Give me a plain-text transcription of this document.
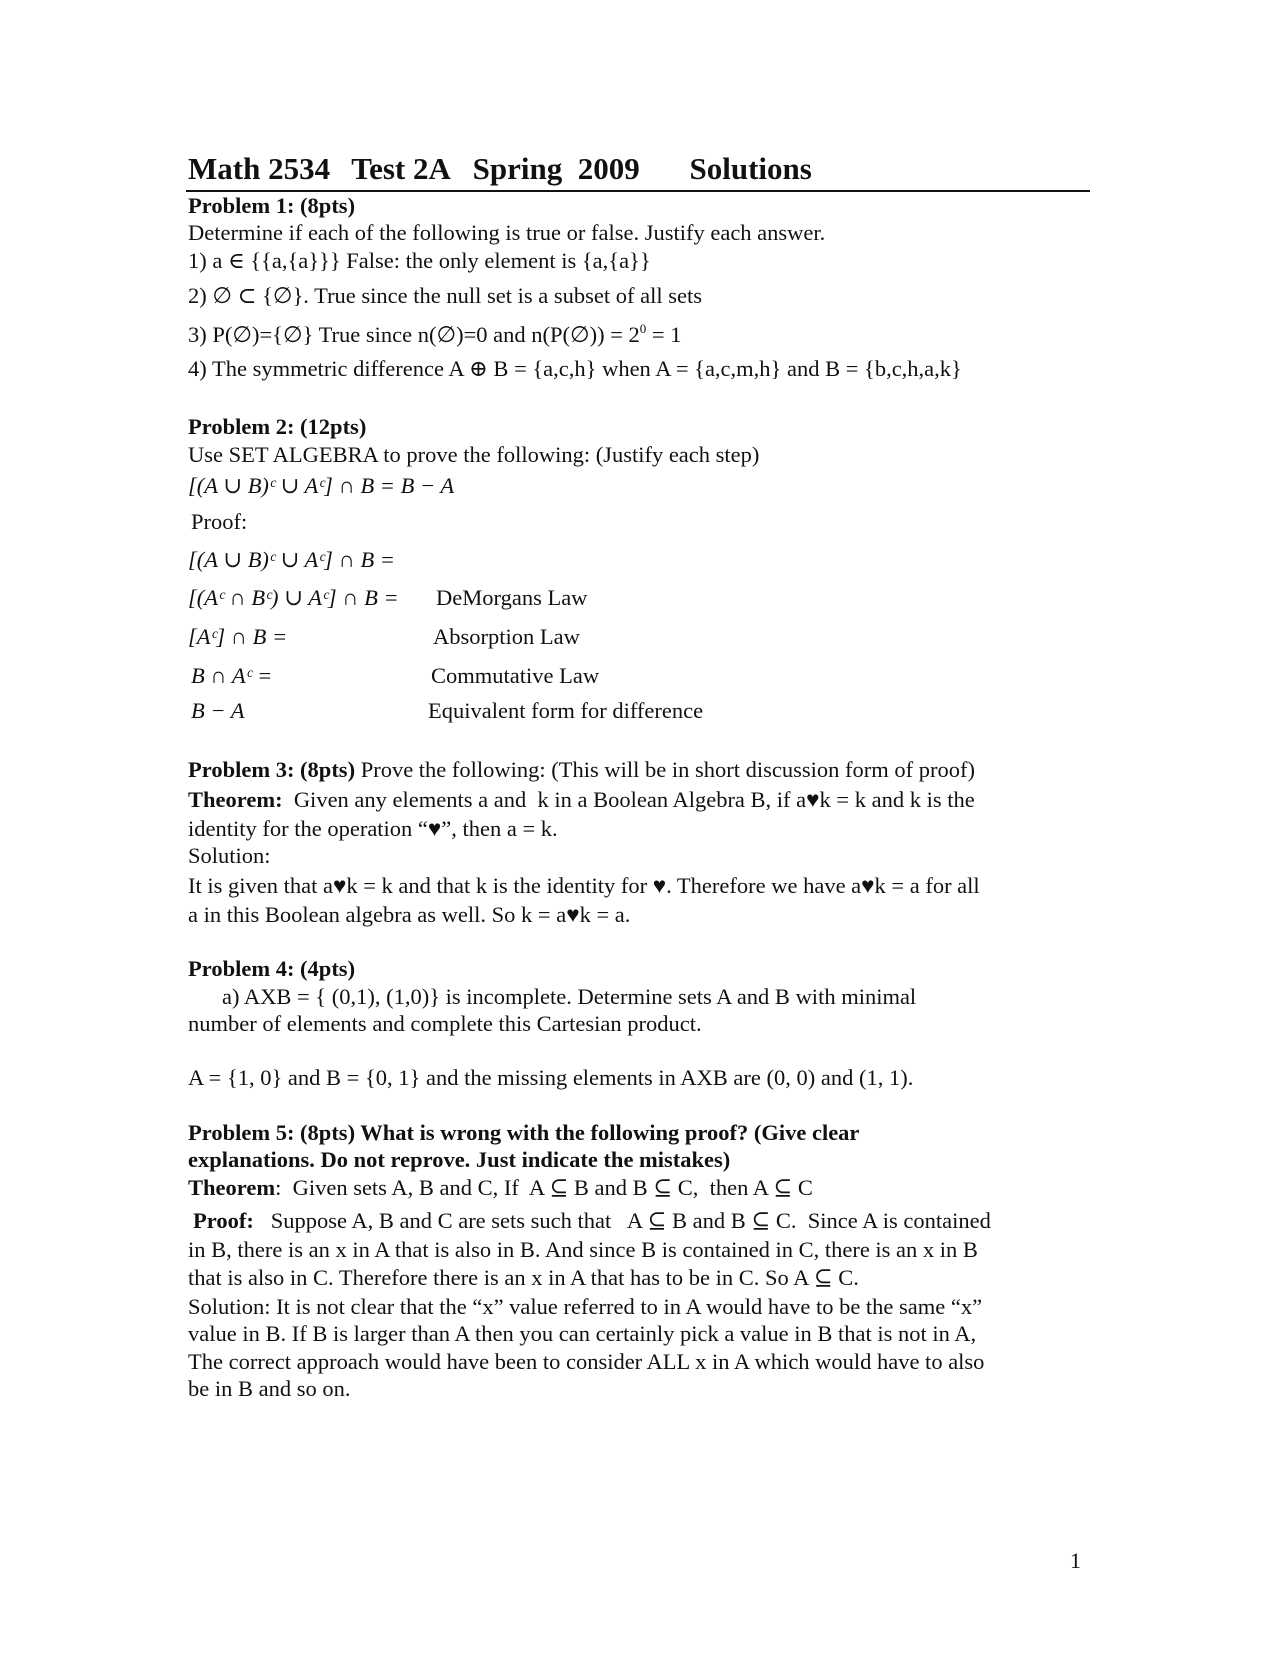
Math 2534 Test 2A Spring  2009 Solutions
Problem 1: (8pts)
Determine if each of the following is true or false. Justify each answer.
1) a ∈ {{a,{a}}} False: the only element is {a,{a}}
2) ∅ ⊂ {∅}. True since the null set is a subset of all sets
3) P(∅)={∅} True since n(∅)=0 and n(P(∅)) = $2^0 = 1$
4) The symmetric difference A ⊕ B = {a,c,h} when A = {a,c,m,h} and B = {b,c,h,a,k}
Problem 2: (12pts)
Use SET ALGEBRA to prove the following: (Justify each step)
[(A ∪ B)ᶜ ∪ Aᶜ] ∩ B = B − A
Proof:
[(A ∪ B)ᶜ ∪ Aᶜ] ∩ B =
[(Aᶜ ∩ Bᶜ) ∪ Aᶜ] ∩ B = DeMorgans Law
[Aᶜ] ∩ B =	Absorption Law
B ∩ Aᶜ =	Commutative Law
B − A	Equivalent form for difference
Problem 3: (8pts) Prove the following: (This will be in short discussion form of proof)
Theorem:  Given any elements a and  k in a Boolean Algebra B, if a♥k = k and k is the
identity for the operation “♥”, then a = k.
Solution:
It is given that a♥k = k and that k is the identity for ♥. Therefore we have a♥k = a for all
a in this Boolean algebra as well. So k = a♥k = a.
Problem 4: (4pts)
a) AXB = { (0,1), (1,0)} is incomplete. Determine sets A and B with minimal
number of elements and complete this Cartesian product.
A = {1, 0} and B = {0, 1} and the missing elements in AXB are (0, 0) and (1, 1).
Problem 5: (8pts) What is wrong with the following proof? (Give clear
explanations. Do not reprove. Just indicate the mistakes)
Theorem:  Given sets A, B and C, If  A ⊆ B and B ⊆ C,  then A ⊆ C
Proof:   Suppose A, B and C are sets such that   A ⊆ B and B ⊆ C.  Since A is contained
in B, there is an x in A that is also in B. And since B is contained in C, there is an x in B
that is also in C. Therefore there is an x in A that has to be in C. So A ⊆ C.
Solution: It is not clear that the “x” value referred to in A would have to be the same “x”
value in B. If B is larger than A then you can certainly pick a value in B that is not in A,
The correct approach would have been to consider ALL x in A which would have to also
be in B and so on.
1
